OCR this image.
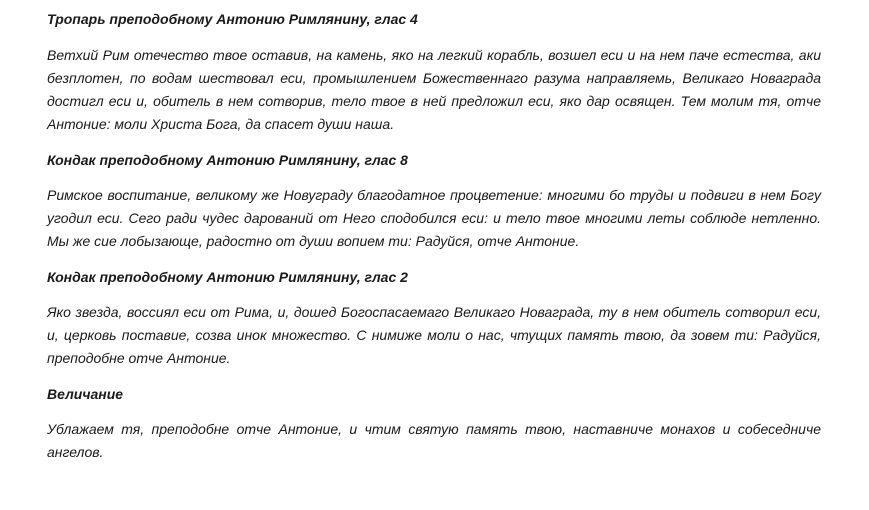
Тропарь преподобному Антонию Римлянину, глас 4
Ветхий Рим отечество твое оставив, на камень, яко на легкий корабль, возшел еси и на нем паче естества, аки безплотен, по водам шествовал еси, промышлением Божественнаго разума направляемь, Великаго Новаграда достигл еси и, обитель в нем сотворив, тело твое в ней предложил еси, яко дар освящен. Тем молим тя, отче Антоние: моли Христа Бога, да спасет души наша.
Кондак преподобному Антонию Римлянину, глас 8
Римское воспитание, великому же Новуграду благодатное процветение: многими бо труды и подвиги в нем Богу угодил еси. Сего ради чудес дарований от Него сподобился еси: и тело твое многими леты соблюде нетленно. Мы же сие лобызающе, радостно от души вопием ти: Радуйся, отче Антоние.
Кондак преподобному Антонию Римлянину, глас 2
Яко звезда, воссиял еси от Рима, и, дошед Богоспасаемаго Великаго Новаграда, ту в нем обитель сотворил еси, и, церковь поставие, созва инок множество. С нимиже моли о нас, чтущих память твою, да зовем ти: Радуйся, преподобне отче Антоние.
Величание
Ублажаем тя, преподобне отче Антоние, и чтим святую память твою, наставниче монахов и собеседниче ангелов.
